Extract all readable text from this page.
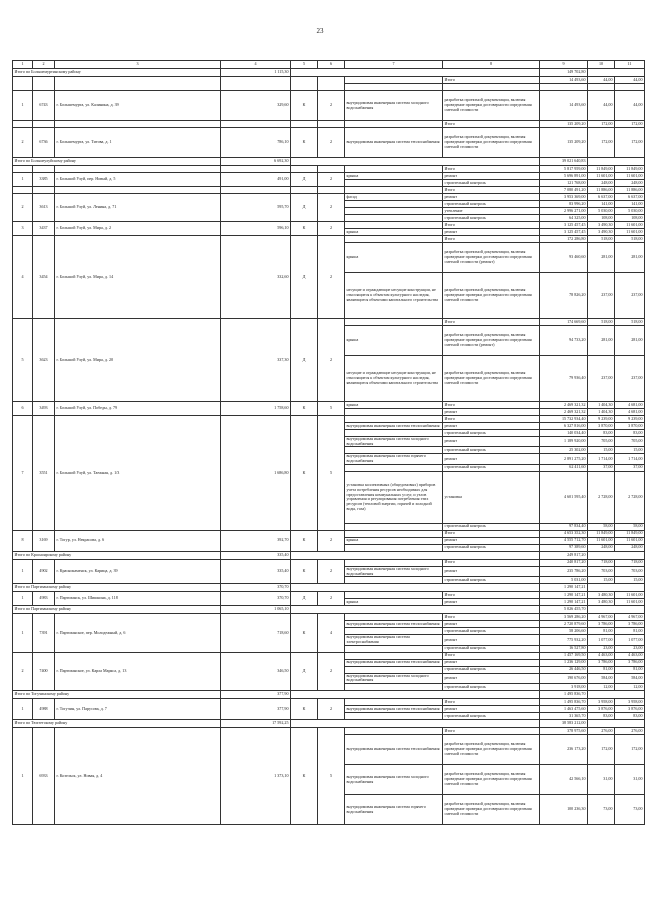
23
1	2	3	4	5	6	7	8	9	10	11
Итого по Большемуртинскому району			1 115,30					149 702,80		
							Итого	14 493,60	44,00	44,00

1	6743	г. Большемурта, ул. Калинина, д. 39	329,60	К	2	внутридомовая инженерная система холодного водоснабжения	разработка проектной документации, включая проведение проверки достоверности определения сметной стоимости	14 493,60	44,00	44,00
							Итого	135 209,20	172,00	172,00
2	6736	г. Большемурта, ул. Титова, д. 1	786,10	К	2	внутридомовая инженерная система теплоснабжения	разработка проектной документации, включая проведение проверки достоверности определения сметной стоимости	135 209,20	172,00	172,00
Итого по Большеулуйскому району			6 692,30					39 021 640,83		
							Итого	5 817 959,00	11 849,00	11 849,00
1	3385	г. Большой Улуй, пер. Новый, д. 5	491,00	Д	2	крыша	ремонт	5 696 891,00	11 601,00	11 601,00
							строительный контроль	121 768,00	248,00	248,00
							Итого	7 080 491,20	11 886,00	11 886,00
2	3613	г. Большой Улуй, ул. Ленина, д. 71	595,70	Д	2	фасад	ремонт	3 953 369,00	6 637,00	6 637,00
							строительный контроль	83 996,20	141,00	141,00
							утепление	2 996 271,00	5 030,00	5 030,00
							строительный контроль	64 325,00	108,00	108,00
3	3437	г. Большой Улуй, ул. Мира, д. 2	596,10	К	2		Итого	3 125 457,45	3 490,30	11 601,00
						крыша	ремонт	3 125 457,45	3 490,30	11 601,00
4	3454	г. Большой Улуй, ул. Мира, д. 14	332,60	Д	2		Итого	172 286,80	518,00	518,00
						крыша	разработка проектной документации, включая проведение проверки достоверности определения сметной стоимости (ремонт)	93 460,60	281,00	281,00
						несущие и ограждающие несущие конструкции, не относящиеся к объектам культурного наследия, являющиеся объектами капитального строительства	разработка проектной документации, включая проведение проверки достоверности определения сметной стоимости	78 826,20	237,00	237,00
5	3623	г. Большой Улуй, ул. Мира, д. 20	337,30	Д	2		Итого	174 669,60	518,00	518,00
						крыша	разработка проектной документации, включая проведение проверки достоверности определения сметной стоимости (ремонт)	94 733,20	281,00	281,00
						несущие и ограждающие несущие конструкции, не относящиеся к объектам культурного наследия, являющиеся объектами капитального строительства	разработка проектной документации, включая проведение проверки достоверности определения сметной стоимости	79 936,40	237,00	237,00
6	3493	г. Большой Улуй, ул. Победы, д. 79	1 758,60	К	5	крыша	Итого	2 469 321,32	1 404,30	4 681,00
							ремонт	2 469 321,32	1 404,30	4 681,00
7	3551	г. Большой Улуй, ул. Таежная, д. 1/3	1 686,80	К	5		Итого	15 732 934,40	9 239,00	9 239,00
						внутридомовая инженерная система теплоснабжения	ремонт	6 327 816,00	3 870,00	3 870,00
							строительный контроль	140 034,40	83,00	83,00
						внутридомовая инженерная система холодного водоснабжения	ремонт	1 189 920,00	705,00	705,00
							строительный контроль	25 302,00	15,00	15,00
						внутридомовая инженерная система горячего водоснабжения	ремонт	2 891 275,20	1 714,00	1 714,00
							строительный контроль	62 411,60	37,00	37,00
						установка коллективных (общедомовых) приборов учета потребления ресурсов необходимых для предоставления коммунальных услуг, и узлов управления и регулирования потребления этих ресурсов (тепловой энергии, горячей и холодной воды, газа)	установка	4 601 595,40	2 728,00	2 728,00
							строительный контроль	97 834,40	58,00	58,00
8	3169	г. Тогур, ул. Некрасова, д. 6	392,70	К	2		Итого	4 653 352,30	11 849,00	11 849,00
						крыша	ремонт	4 555 712,70	11 601,00	11 601,00
							строительный контроль	97 389,60	248,00	248,00
Итого по Красноярскому району			335,40					249 817,20		
1	4902	г. Краснокаменск, ул. Карица, д. 39	335,40	К	2		Итого	240 817,20	718,00	718,00
						внутридомовая инженерная система холодного водоснабжения	ремонт	235 786,20	703,00	703,00
							строительный контроль	5 031,00	15,00	15,00
Итого по Партизанскому району			370,70					1 290 147,21		
1	4983	г. Партизанск, ул. Шишкина, д. 118	370,70	Д	2		Итого	1 290 147,21	3 480,30	11 601,00
						крыша	ремонт	1 290 147,21	3 480,30	11 601,00
Итого по Партизанскому району			1 065,10					5 026 455,70		
1	7391	г. Партизанское, пер. Молодежный, д. 6	718,60	К	4		Итого	3 569 286,20	4 967,00	4 967,00
						внутридомовая инженерная система теплоснабжения	ремонт	2 720 879,60	3 786,00	3 786,00
							строительный контроль	58 206,60	81,00	81,00
						внутридомовая инженерная система электроснабжения	ремонт	775 932,20	1 077,00	1 077,00
							строительный контроль	16 527,80	23,00	23,00
2	7400	г. Партизанское, ул. Карла Маркса, д. 13	346,50	Д	2		Итого	1 457 169,50	4 463,00	4 463,00
						внутридомовая инженерная система теплоснабжения	ремонт	1 236 129,00	3 786,00	3 786,00
							строительный контроль	26 446,50	81,00	81,00
						внутридомовая инженерная система холодного водоснабжения	ремонт	190 676,00	584,00	584,00
							строительный контроль	3 918,00	12,00	12,00
Итого по Тогучинскому району			377,90					1 495 836,70		
1	4988	г. Тогучин, ул. Парусова, д. 7	377,90	К	2		Итого	1 495 836,70	3 958,00	3 958,00
						внутридомовая инженерная система теплоснабжения	ремонт	1 463 475,60	3 876,00	3 876,00
							строительный контроль	31 365,70	83,00	83,00
Итого по Тюхтетскому району			17 592,25					38 583 212,00		
1	6933	г. Козельск, ул. Новая, д. 4	1 373,10	К	5		Итого	378 975,60	276,00	276,00
						внутридомовая инженерная система теплоснабжения	разработка проектной документации, включая проведение проверки достоверности определения сметной стоимости	236 173,20	172,00	172,00
						внутридомовая инженерная система холодного водоснабжения	разработка проектной документации, включая проведение проверки достоверности определения сметной стоимости	42 566,10	31,00	31,00
						внутридомовая инженерная система горячего водоснабжения	разработка проектной документации, включая проведение проверки достоверности определения сметной стоимости	100 236,30	73,00	73,00
